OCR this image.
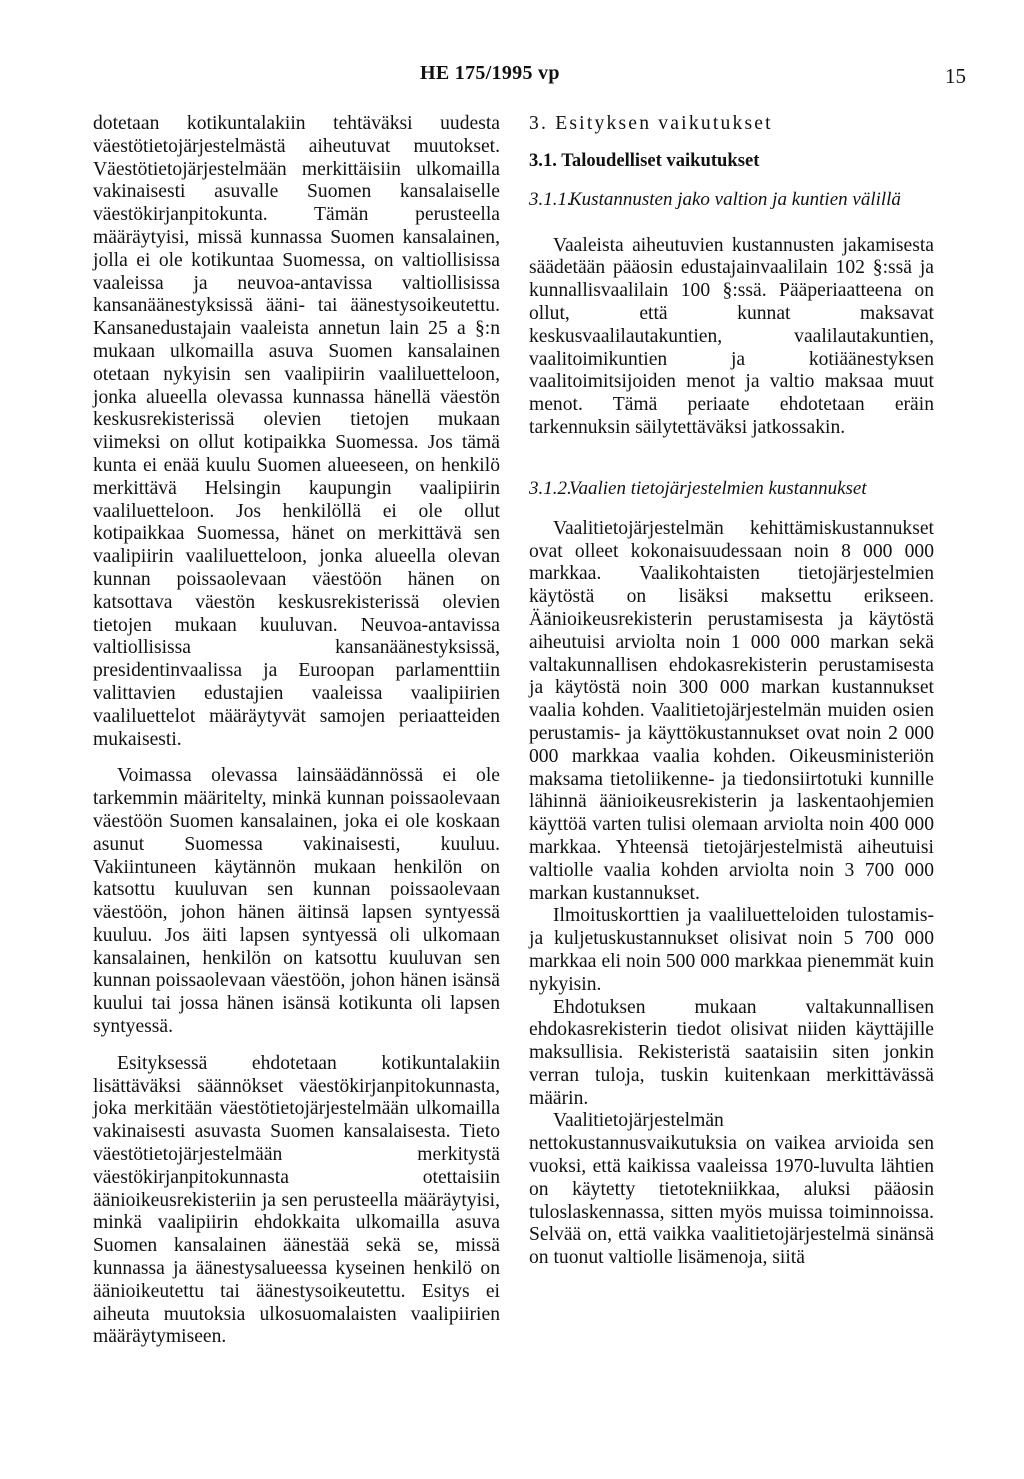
HE 175/1995 vp	15

dotetaan kotikuntalakiin tehtäväksi uudesta väestötietojärjestelmästä aiheutuvat muutokset. Väestötietojärjestelmään merkittäisiin ulkomailla vakinaisesti asuvalle Suomen kansalaiselle väestökirjanpitokunta. Tämän perusteella määräytyisi, missä kunnassa Suomen kansalainen, jolla ei ole kotikuntaa Suomessa, on valtiollisissa vaaleissa ja neuvoa-antavissa valtiollisissa kansanäänestyksissä ääni- tai äänestysoikeutettu. Kansanedustajain vaaleista annetun lain 25 a §:n mukaan ulkomailla asuva Suomen kansalainen otetaan nykyisin sen vaalipiirin vaaliluetteloon, jonka alueella olevassa kunnassa hänellä väestön keskusrekisterissä olevien tietojen mukaan viimeksi on ollut kotipaikka Suomessa. Jos tämä kunta ei enää kuulu Suomen alueeseen, on henkilö merkittävä Helsingin kaupungin vaalipiirin vaaliluetteloon. Jos henkilöllä ei ole ollut kotipaikkaa Suomessa, hänet on merkittävä sen vaalipiirin vaaliluetteloon, jonka alueella olevan kunnan poissaolevaan väestöön hänen on katsottava väestön keskusrekisterissä olevien tietojen mukaan kuuluvan. Neuvoa-antavissa valtiollisissa kansanäänestyksissä, presidentinvaalissa ja Euroopan parlamenttiin valittavien edustajien vaaleissa vaalipiirien vaaliluettelot määräytyvät samojen periaatteiden mukaisesti.

Voimassa olevassa lainsäädännössä ei ole tarkemmin määritelty, minkä kunnan poissaolevaan väestöön Suomen kansalainen, joka ei ole koskaan asunut Suomessa vakinaisesti, kuuluu. Vakiintuneen käytännön mukaan henkilön on katsottu kuuluvan sen kunnan poissaolevaan väestöön, johon hänen äitinsä lapsen syntyessä kuuluu. Jos äiti lapsen syntyessä oli ulkomaan kansalainen, henkilön on katsottu kuuluvan sen kunnan poissaolevaan väestöön, johon hänen isänsä kuului tai jossa hänen isänsä kotikunta oli lapsen syntyessä.

Esityksessä ehdotetaan kotikuntalakiin lisättäväksi säännökset väestökirjanpitokunnasta, joka merkitään väestötietojärjestelmään ulkomailla vakinaisesti asuvasta Suomen kansalaisesta. Tieto väestötietojärjestelmään merkitystä väestökirjanpitokunnasta otettaisiin äänioikeusrekisteriin ja sen perusteella määräytyisi, minkä vaalipiirin ehdokkaita ulkomailla asuva Suomen kansalainen äänestää sekä se, missä kunnassa ja äänestysalueessa kyseinen henkilö on äänioikeutettu tai äänestysoikeutettu. Esitys ei aiheuta muutoksia ulkosuomalaisten vaalipiirien määräytymiseen.

3. Esityksen vaikutukset
3.1. Taloudelliset vaikutukset
3.1.1.
Kustannusten jako valtion ja kuntien välillä

Vaaleista aiheutuvien kustannusten jakamisesta säädetään pääosin edustajainvaalilain 102 §:ssä ja kunnallisvaalilain 100 §:ssä. Pääperiaatteena on ollut, että kunnat maksavat keskusvaalilautakuntien, vaalilautakuntien, vaalitoimikuntien ja kotiäänestyksen vaalitoimitsijoiden menot ja valtio maksaa muut menot. Tämä periaate ehdotetaan eräin tarkennuksin säilytettäväksi jatkossakin.

3.1.2.
Vaalien tietojärjestelmien kustannukset

Vaalitietojärjestelmän kehittämiskustannukset ovat olleet kokonaisuudessaan noin 8 000 000 markkaa. Vaalikohtaisten tietojärjestelmien käytöstä on lisäksi maksettu erikseen. Äänioikeusrekisterin perustamisesta ja käytöstä aiheutuisi arviolta noin 1 000 000 markan sekä valtakunnallisen ehdokasrekisterin perustamisesta ja käytöstä noin 300 000 markan kustannukset vaalia kohden. Vaalitietojärjestelmän muiden osien perustamis- ja käyttökustannukset ovat noin 2 000 000 markkaa vaalia kohden. Oikeusministeriön maksama tietoliikenne- ja tiedonsiirtotuki kunnille lähinnä äänioikeusrekisterin ja laskentaohjemien käyttöä varten tulisi olemaan arviolta noin 400 000 markkaa. Yhteensä tietojärjestelmistä aiheutuisi valtiolle vaalia kohden arviolta noin 3 700 000 markan kustannukset.

Ilmoituskorttien ja vaaliluetteloiden tulostamis- ja kuljetuskustannukset olisivat noin 5 700 000 markkaa eli noin 500 000 markkaa pienemmät kuin nykyisin.

Ehdotuksen mukaan valtakunnallisen ehdokasrekisterin tiedot olisivat niiden käyttäjille maksullisia. Rekisteristä saataisiin siten jonkin verran tuloja, tuskin kuitenkaan merkittävässä määrin.

Vaalitietojärjestelmän nettokustannusvaikutuksia on vaikea arvioida sen vuoksi, että kaikissa vaaleissa 1970-luvulta lähtien on käytetty tietotekniikkaa, aluksi pääosin tuloslaskennassa, sitten myös muissa toiminnoissa. Selvää on, että vaikka vaalitietojärjestelmä sinänsä on tuonut valtiolle lisämenoja, siitä
